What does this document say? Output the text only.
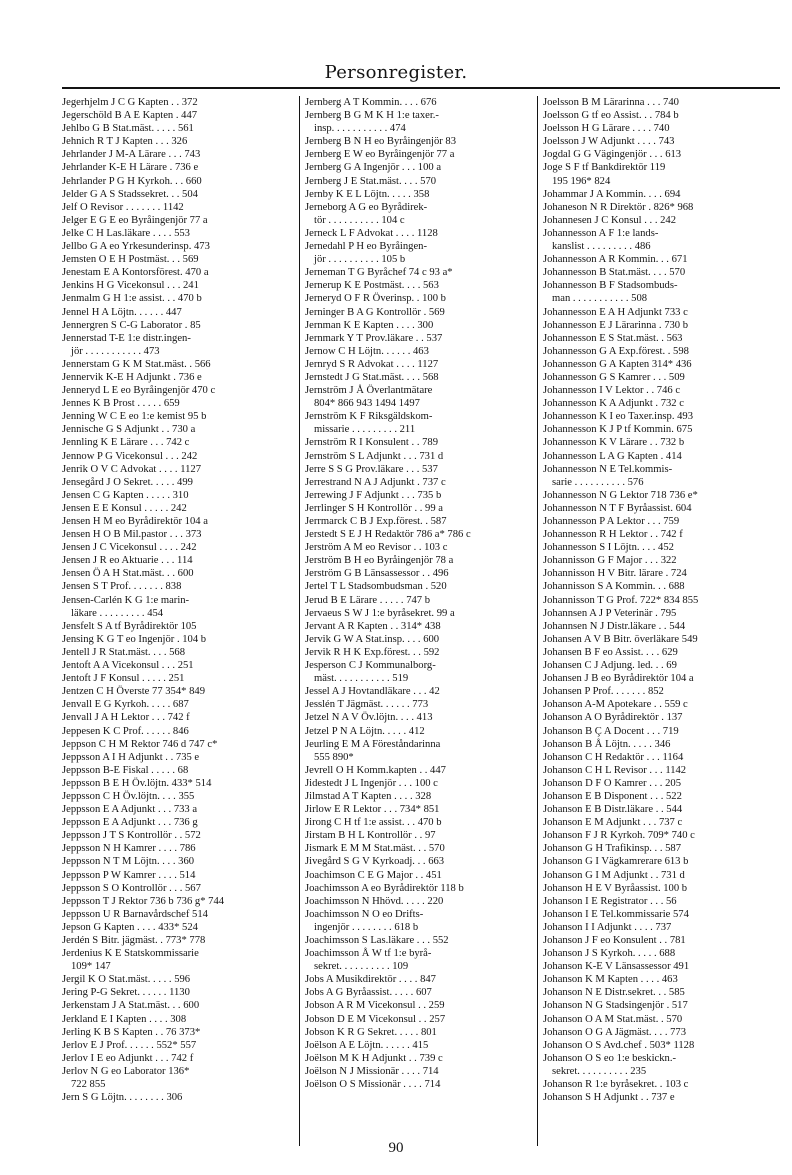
Personregister.
Jegerhjelm J C G Kapten . . 372
Jegerschöld B A E Kapten . 447
Jehlbo G B Stat.mäst. . . . . 561
Jehnich R T J Kapten . . . 326
Jehrlander J M-A Lärare . . . 743
Jehrlander K-E H Lärare . 736 e
Jehrlander P G H Kyrkoh. . . 660
Jelder G A S Stadssekret. . . 504
Jelf O Revisor . . . . . . . 1142
Jelger E G E eo Byråingenjör 77 a
Jelke C H Las.läkare . . . . 553
Jellbo G A eo Yrkesunderinsp. 473
Jemsten O E H Postmäst. . . 569
Jenestam E A Kontorsförest. 470 a
Jenkins H G Vicekonsul . . . 241
Jenmalm G H 1:e assist. . . 470 b
Jennel H A Löjtn. . . . . . 447
Jennergren S C-G Laborator . 85
Jennerstad T-E 1:e distr.ingen-
jör . . . . . . . . . . . 473
Jennerstam G K M Stat.mäst. . 566
Jennervik K-E H Adjunkt . 736 e
Jenneryd L E eo Byråingenjör 470 c
Jennes K B Prost . . . . . 659
Jenning W C E eo 1:e kemist 95 b
Jennische G S Adjunkt . . 730 a
Jennling K E Lärare . . . 742 c
Jennow P G Vicekonsul . . . 242
Jenrik O V C Advokat . . . . 1127
Jensegård J O Sekret. . . . . 499
Jensen C G Kapten . . . . . 310
Jensen E E Konsul . . . . . 242
Jensen H M eo Byrådirektör 104 a
Jensen H O B Mil.pastor . . . 373
Jensen J C Vicekonsul . . . . 242
Jensen J R eo Aktuarie . . . 114
Jensen Ö A H Stat.mäst. . . 600
Jensen S T Prof. . . . . . . 838
Jensen-Carlén K G 1:e marin-
läkare . . . . . . . . . 454
Jensfelt S A tf Byrådirektör 105
Jensing K G T eo Ingenjör . 104 b
Jentell J R Stat.mäst. . . . 568
Jentoft A A Vicekonsul . . . 251
Jentoft J F Konsul . . . . . 251
Jentzen C H Överste 77 354* 849
Jenvall E G Kyrkoh. . . . . 687
Jenvall J A H Lektor . . . 742 f
Jeppesen K C Prof. . . . . . 846
Jeppson C H M Rektor 746 d 747 c*
Jeppsson A I H Adjunkt . . 735 e
Jeppsson B-E Fiskal . . . . . 68
Jeppsson B E H Öv.löjtn. 433* 514
Jeppsson C H Öv.löjtn. . . . 355
Jeppsson E A Adjunkt . . . 733 a
Jeppsson E A Adjunkt . . . 736 g
Jeppsson J T S Kontrollör . . 572
Jeppsson N H Kamrer . . . . 786
Jeppsson N T M Löjtn. . . . 360
Jeppsson P W Kamrer . . . . 514
Jeppsson S O Kontrollör . . . 567
Jeppsson T J Rektor 736 b 736 g* 744
Jeppsson U R Barnavårdschef 514
Jepson G Kapten . . . . 433* 524
Jerdén S Bitr. jägmäst. . 773* 778
Jerdenius K E Statskommissarie
109* 147
Jergil K O Stat.mäst. . . . . 596
Jering P-G Sekret. . . . . . 1130
Jerkenstam J A Stat.mäst. . . 600
Jerkland E I Kapten . . . . 308
Jerling K B S Kapten . . 76 373*
Jerlov E J Prof. . . . . . 552* 557
Jerlov I E eo Adjunkt . . . 742 f
Jerlov N G eo Laborator 136*
722 855
Jern S G Löjtn. . . . . . . . 306
Jernberg A T Kommin. . . . 676
Jernberg B G M K H 1:e taxer.-
insp. . . . . . . . . . . 474
Jernberg B N H eo Byråingenjör 83
Jernberg E W eo Byråingenjör 77 a
Jernberg G A Ingenjör . . . 100 a
Jernberg J E Stat.mäst. . . . 570
Jernby K E L Löjtn. . . . . 358
Jerneborg A G eo Byrådirek-
tör . . . . . . . . . . 104 c
Jerneck L F Advokat . . . . 1128
Jernedahl P H eo Byråingen-
jör . . . . . . . . . . 105 b
Jerneman T G Byråchef 74 c 93 a*
Jernerup K E Postmäst. . . . 563
Jerneryd O F R Överinsp. . 100 b
Jerninger B A G Kontrollör . 569
Jernman K E Kapten . . . . 300
Jernmark Y T Prov.läkare . . 537
Jernow C H Löjtn. . . . . . 463
Jernryd S R Advokat . . . . 1127
Jernstedt J G Stat.mäst. . . . 568
Jernström J Å Överlantmätare
804* 866 943 1494 1497
Jernström K F Riksgäldskom-
missarie . . . . . . . . . 211
Jernström R I Konsulent . . 789
Jernström S L Adjunkt . . . 731 d
Jerre S S G Prov.läkare . . . 537
Jerrestrand N A J Adjunkt . 737 c
Jerrewing J F Adjunkt . . . 735 b
Jerrlinger S H Kontrollör . . 99 a
Jerrmarck C B J Exp.förest. . 587
Jerstedt S E J H Redaktör 786 a* 786 c
Jerström A M eo Revisor . . 103 c
Jerström B H eo Byråingenjör 78 a
Jerström G B Länsassessor . . 496
Jertel T L Stadsombudsman . 520
Jerud B E Lärare . . . . . 747 b
Jervaeus S W J 1:e byråsekret. 99 a
Jervant A R Kapten . . 314* 438
Jervik G W A Stat.insp. . . . 600
Jervik R H K Exp.förest. . . 592
Jesperson C J Kommunalborg-
mäst. . . . . . . . . . . 519
Jessel A J Hovtandläkare . . . 42
Jesslén T Jägmäst. . . . . . 773
Jetzel N A V Öv.löjtn. . . . 413
Jetzel P N A Löjtn. . . . . 412
Jeurling E M A Föreståndarinna
555 890*
Jevrell O H Komm.kapten . . 447
Jidestedt J L Ingenjör . . . 100 c
Jilmstad A T Kapten . . . . 328
Jirlow E R Lektor . . . 734* 851
Jirong C H tf 1:e assist. . . 470 b
Jirstam B H L Kontrollör . . 97
Jismark E M M Stat.mäst. . . 570
Jivegård S G V Kyrkoadj. . . 663
Joachimson C E G Major . . 451
Joachimsson A eo Byrådirektör 118 b
Joachimsson N Hhövd. . . . . 220
Joachimsson N O eo Drifts-
ingenjör . . . . . . . . 618 b
Joachimsson S Las.läkare . . . 552
Joachimsson Å W tf 1:e byrå-
sekret. . . . . . . . . . 109
Jobs A Musikdirektör . . . . 847
Jobs A G Byråassist. . . . . 607
Jobson A R M Vicekonsul . . 259
Jobson D E M Vicekonsul . . 257
Jobson K R G Sekret. . . . . 801
Joëlson A E Löjtn. . . . . . 415
Joëlson M K H Adjunkt . . 739 c
Joëlson N J Missionär . . . . 714
Joëlson O S Missionär . . . . 714
Joelsson B M Lärarinna . . . 740
Joelsson G tf eo Assist. . . 784 b
Joelsson H G Lärare . . . . 740
Joelsson J W Adjunkt . . . . 743
Jogdal G G Vägingenjör . . . 613
Joge S F tf Bankdirektör 119
195 196* 824
Johammar J A Kommin. . . . 694
Johaneson N R Direktör . 826* 968
Johannesen J C Konsul . . . 242
Johannesson A F 1:e lands-
kanslist . . . . . . . . . 486
Johannesson A R Kommin. . . 671
Johannesson B Stat.mäst. . . . 570
Johannesson B F Stadsombuds-
man . . . . . . . . . . . 508
Johannesson E A H Adjunkt 733 c
Johannesson E J Lärarinna . 730 b
Johannesson E S Stat.mäst. . 563
Johannesson G A Exp.förest. . 598
Johannesson G A Kapten 314* 436
Johannesson G S Kamrer . . . 509
Johannesson I V Lektor . . 746 c
Johannesson K A Adjunkt . 732 c
Johannesson K I eo Taxer.insp. 493
Johannesson K J P tf Kommin. 675
Johannesson K V Lärare . . 732 b
Johannesson L A G Kapten . 414
Johannesson N E Tel.kommis-
sarie . . . . . . . . . . 576
Johannesson N G Lektor 718 736 e*
Johannesson N T F Byråassist. 604
Johannesson P A Lektor . . . 759
Johannesson R H Lektor . . 742 f
Johannesson S I Löjtn. . . . 452
Johannisson G F Major . . . 322
Johannisson H V Bitr. lärare . 724
Johannisson S A Kommin. . . 688
Johannisson T G Prof. 722* 834 855
Johannsen A J P Veterinär . 795
Johannsen N J Distr.läkare . . 544
Johansen A V B Bitr. överläkare 549
Johansen B F eo Assist. . . . 629
Johansen C J Adjung. led. . . 69
Johansen J B eo Byrådirektör 104 a
Johansen P Prof. . . . . . . 852
Johanson A-M Apotekare . . 559 c
Johanson A O Byrådirektör . 137
Johanson B Ç A Docent . . . 719
Johanson B Å Löjtn. . . . . 346
Johanson C H Redaktör . . . 1164
Johanson C H L Revisor . . . 1142
Johanson D F O Kamrer . . . 205
Johanson E B Disponent . . . 522
Johanson E B Distr.läkare . . 544
Johanson E M Adjunkt . . . 737 c
Johanson F J R Kyrkoh. 709* 740 c
Johanson G H Trafikinsp. . . 587
Johanson G I Vägkamrerare 613 b
Johanson G I M Adjunkt . . 731 d
Johanson H E V Byråassist. 100 b
Johanson I E Registrator . . . 56
Johanson I E Tel.kommissarie 574
Johanson I I Adjunkt . . . . 737
Johanson J F eo Konsulent . . 781
Johanson J S Kyrkoh. . . . . 688
Johanson K-E V Länsassessor 491
Johanson K M Kapten . . . . 463
Johanson N E Distr.sekret. . . 585
Johanson N G Stadsingenjör . 517
Johanson O A M Stat.mäst. . 570
Johanson O G A Jägmäst. . . . 773
Johanson O S Avd.chef . 503* 1128
Johanson O S eo 1:e beskickn.-
sekret. . . . . . . . . . 235
Johanson R 1:e byråsekret. . 103 c
Johanson S H Adjunkt . . 737 e
90
